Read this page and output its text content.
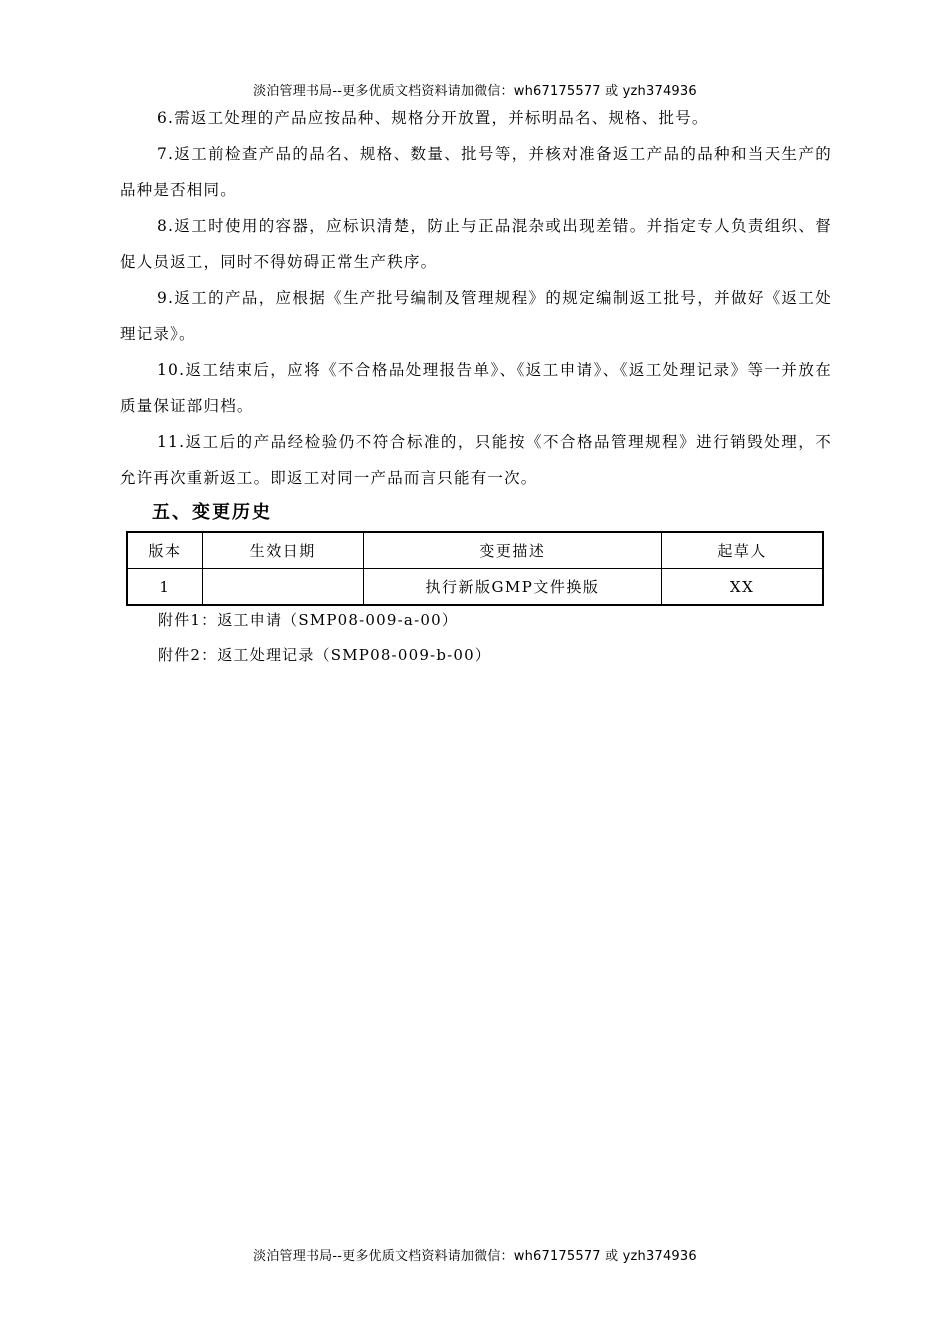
淡泊管理书局--更多优质文档资料请加微信：wh67175577 或 yzh374936

6.需返工处理的产品应按品种、规格分开放置，并标明品名、规格、批号。

7.返工前检查产品的品名、规格、数量、批号等，并核对准备返工产品的品种和当天生产的品种是否相同。

8.返工时使用的容器，应标识清楚，防止与正品混杂或出现差错。并指定专人负责组织、督促人员返工，同时不得妨碍正常生产秩序。

9.返工的产品，应根据《生产批号编制及管理规程》的规定编制返工批号，并做好《返工处理记录》。

10.返工结束后，应将《不合格品处理报告单》、《返工申请》、《返工处理记录》等一并放在质量保证部归档。

11.返工后的产品经检验仍不符合标准的，只能按《不合格品管理规程》进行销毁处理，不允许再次重新返工。即返工对同一产品而言只能有一次。

五、变更历史
版本	生效日期	变更描述	起草人
1		执行新版GMP文件换版	XX
附件1：返工申请（SMP08-009-a-00）
附件2：返工处理记录（SMP08-009-b-00）
淡泊管理书局--更多优质文档资料请加微信：wh67175577 或 yzh374936
